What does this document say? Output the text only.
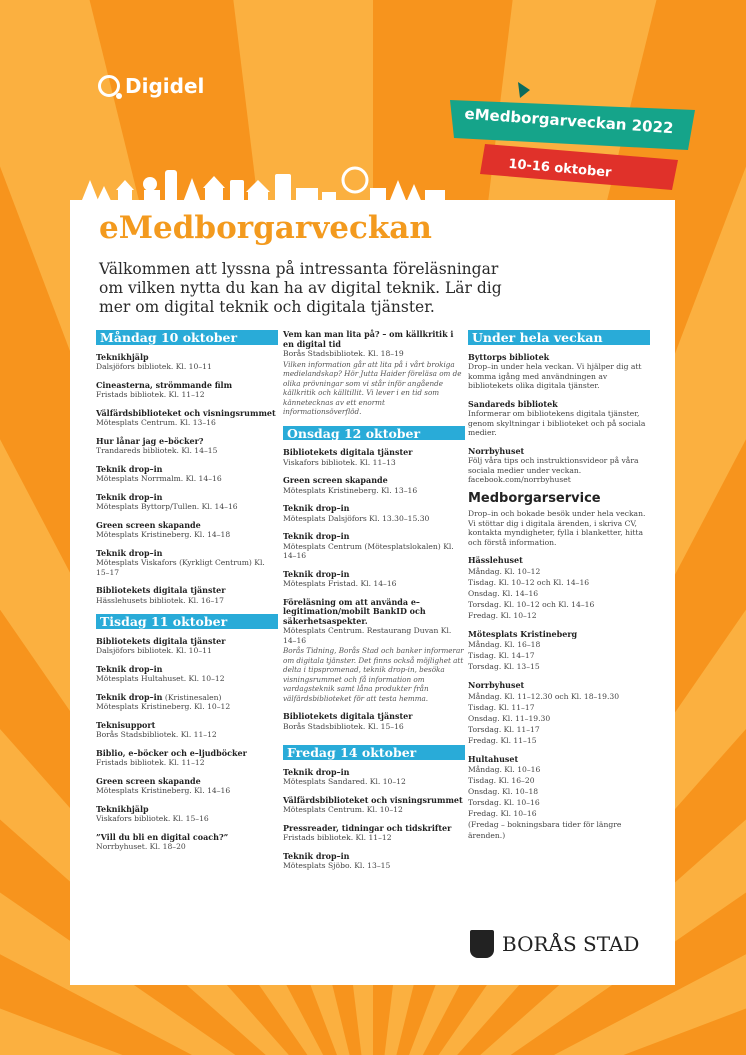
Digidel
eMedborgarveckan 2022
10-16 oktober
eMedborgarveckan

Välkommen att lyssna på intressanta föreläsningar om vilken nytta du kan ha av digital teknik. Lär dig mer om digital teknik och digitala tjänster.

Måndag 10 oktober
Teknikhjälp
Dalsjöfors bibliotek. Kl. 10–11
Cineasterna, strömmande film
Fristads bibliotek. Kl. 11–12
Välfärdsbiblioteket och visningsrummet
Mötesplats Centrum. Kl. 13–16
Hur lånar jag e–böcker?
Trandareds bibliotek. Kl. 14–15
Teknik drop–in
Mötesplats Norrmalm. Kl. 14–16
Teknik drop–in
Mötesplats Byttorp/Tullen. Kl. 14–16
Green screen skapande
Mötesplats Kristineberg. Kl. 14–18
Teknik drop–in
Mötesplats Viskafors (Kyrkligt Centrum) Kl. 15–17
Bibliotekets digitala tjänster
Hässlehusets bibliotek. Kl. 16–17
Tisdag 11 oktober
Bibliotekets digitala tjänster
Dalsjöfors bibliotek. Kl. 10–11
Teknik drop–in
Mötesplats Hultahuset. Kl. 10–12
Teknik drop–in (Kristinesalen)
Mötesplats Kristineberg. Kl. 10–12
Teknisupport
Borås Stadsbibliotek. Kl. 11–12
Biblio, e–böcker och e–ljudböcker
Fristads bibliotek. Kl. 11–12
Green screen skapande
Mötesplats Kristineberg. Kl. 14–16
Teknikhjälp
Viskafors bibliotek. Kl. 15–16
”Vill du bli en digital coach?”
Norrbyhuset. Kl. 18–20
Vem kan man lita på? – om källkritik i en digital tid
Borås Stadsbibliotek. Kl. 18–19
Vilken information går att lita på i vårt brokiga medielandskap? Hör Jutta Haider föreläsa om de olika prövningar som vi står inför angående källkritik och källtillit. Vi lever i en tid som kännetecknas av ett enormt informationsöverflöd.
Onsdag 12 oktober
Bibliotekets digitala tjänster
Viskafors bibliotek. Kl. 11–13
Green screen skapande
Mötesplats Kristineberg. Kl. 13–16
Teknik drop–in
Mötesplats Dalsjöfors Kl. 13.30–15.30
Teknik drop–in
Mötesplats Centrum (Mötesplatslokalen) Kl. 14–16
Teknik drop–in
Mötesplats Fristad. Kl. 14–16
Föreläsning om att använda e–legitimation/mobilt BankID och säkerhetsaspekter.
Mötesplats Centrum. Restaurang Duvan Kl. 14–16
Borås Tidning, Borås Stad och banker informerar om digitala tjänster. Det finns också möjlighet att delta i tipspromenad, teknik drop-in, besöka visningsrummet och få information om vardagsteknik samt låna produkter från välfärdsbiblioteket för att testa hemma.
Bibliotekets digitala tjänster
Borås Stadsbibliotek. Kl. 15–16
Fredag 14 oktober
Teknik drop–in
Mötesplats Sandared. Kl. 10–12
Välfärdsbiblioteket och visningsrummet
Mötesplats Centrum. Kl. 10–12
Pressreader, tidningar och tidskrifter
Fristads bibliotek. Kl. 11–12
Teknik drop–in
Mötesplats Sjöbo. Kl. 13–15
Under hela veckan
Byttorps bibliotek
Drop–in under hela veckan. Vi hjälper dig att komma igång med användningen av bibliotekets olika digitala tjänster.
Sandareds bibliotek
Informerar om bibliotekens digitala tjänster, genom skyltningar i biblioteket och på sociala medier.
Norrbyhuset
Följ våra tips och instruktionsvideor på våra sociala medier under veckan. facebook.com/norrbyhuset
Medborgarservice
Drop–in och bokade besök under hela veckan. Vi stöttar dig i digitala ärenden, i skriva CV, kontakta myndigheter, fylla i blanketter, hitta och förstå information.
Hässlehuset
Måndag. Kl. 10–12
Tisdag. Kl. 10–12 och Kl. 14–16
Onsdag. Kl. 14–16
Torsdag. Kl. 10–12 och Kl. 14–16
Fredag. Kl. 10–12
Mötesplats Kristineberg
Måndag. Kl. 16–18
Tisdag. Kl. 14–17
Torsdag. Kl. 13–15
Norrbyhuset
Måndag. Kl. 11–12.30 och Kl. 18–19.30
Tisdag. Kl. 11–17
Onsdag. Kl. 11–19.30
Torsdag. Kl. 11–17
Fredag. Kl. 11–15
Hultahuset
Måndag. Kl. 10–16
Tisdag. Kl. 16–20
Onsdag. Kl. 10–18
Torsdag. Kl. 10–16
Fredag. Kl. 10–16
(Fredag – bokningsbara tider för längre ärenden.)
BORÅS STAD
